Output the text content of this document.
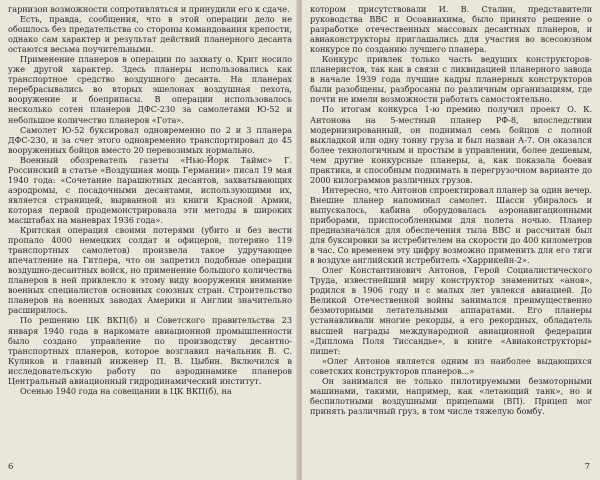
гарнизон возможности сопротивляться и принудили его к сдаче.

Есть, правда, сообщения, что в этой операции дело не обошлось без предательства со стороны командования крепости, однако сам характер и результат действий планерного десанта остаются весьма поучительными.

Применение планеров в операции по захвату о. Крит носило уже другой характер. Здесь планеры использовались как транспортное средство воздушного десанта. На планерах перебрасывались во вторых эшелонах воздушная пехота, вооружение и боеприпасы. В операции использовалось несколько сотен планеров ДФС-230 за самолетами Ю-52 и небольшое количество планеров «Гота».

Самолет Ю-52 буксировал одновременно по 2 и 3 планера ДФС-230, и за счет этого одновременно транспортировал до 45 вооруженных бойцов вместо 20 перевозимых нормально.

Военный обозреватель газеты «Нью-Йорк Таймс» Г. Россинский в статье «Воздушная мощь Германии» писал 19 мая 1940 года: «Сочетание парашютных десантов, захватывающих аэродромы, с посадочными десантами, использующими их, является страницей, вырванной из книги Красной Армии, которая первой продемонстрировала эти методы в широких масштабах на маневрах 1936 года».

Критская операция своими потерями (убито и без вести пропало 4000 немецких солдат и офицеров, потеряно 119 транспортных самолетов) произвела такое удручающее впечатление на Гитлера, что он запретил подобные операции воздушно-десантных войск, но применение большого количества планеров в ней привлекло к этому виду вооружения внимание военных специалистов основных союзных стран. Строительство планеров на военных заводах Америки и Англии значительно расширилось.

По решению ЦК ВКП(б) и Советского правительства 23 января 1940 года в наркомате авиационной промышленности было создано управление по производству десантно-транспортных планеров, которое возглавил начальник В. С. Куликов и главный инженер П. В. Цыбин. Включился в исследовательскую работу по аэродинамике планеров Центральный авиационный гидродинамический институт.

Осенью 1940 года на совещании в ЦК ВКП(б), на

6

котором присутствовали И. В. Сталин, представители руководства ВВС и Осоавиахима, было принято решение о разработке отечественных массовых десантных планеров, и авиаконструкторы приглашались для участия во всесоюзном конкурсе по созданию лучшего планера.

Конкурс привлек только часть ведущих конструкторов-планеристов, так как в связи с ликвидацией планерного завода в начале 1939 года лучшие кадры планерных конструкторов были разобщены, разбросаны по различным организациям, где почти не имели возможности работать самостоятельно.

По итогам конкурса 1-ю премию получил проект О. К. Антонова на 5-местный планер РФ-8, впоследствии модернизированный, он поднимал семь бойцов с полной выкладкой или одну тонну груза и был назван А-7. Он оказался более технологичным и простым в управлении, более дешевым, чем другие конкурсные планеры, а, как показала боевая практика, и способным поднимать в перегрузочном варианте до 2000 килограммов различных грузов.

Интересно, что Антонов спроектировал планер за один вечер. Внешне планер напоминал самолет. Шасси убиралось и выпускалось, кабина оборудовалась аэронавигационными приборами, приспособленными для полета ночью. Планер предназначался для обеспечения тыла ВВС и рассчитан был для буксировки за истребителем на скорости до 400 километров в час. Со временем эту цифру возможно применить для его тяги в воздухе английский истребитель «Харрикейн-2».

Олег Константинович Антонов, Герой Социалистического Труда, известнейший миру конструктор знаменитых «анов», родился в 1906 году и с малых лет увлекся авиацией. До Великой Отечественной войны занимался преимущественно безмоторными летательными аппаратами. Его планеры устанавливали многие рекорды, а его рекордных, обладатель высшей награды международной авиационной федерации «Диплома Поля Тиссандье», в книге «Авиаконструкторы» пишет:

«Олег Антонов является одним из наиболее выдающихся советских конструкторов планеров...»

Он занимался не только пилотируемыми безмоторными машинами, такими, например, как «летающий танк», но и беспилотными воздушными прицепами (ВП). Прицеп мог принять различный груз, в том числе тяжелую бомбу.

7
